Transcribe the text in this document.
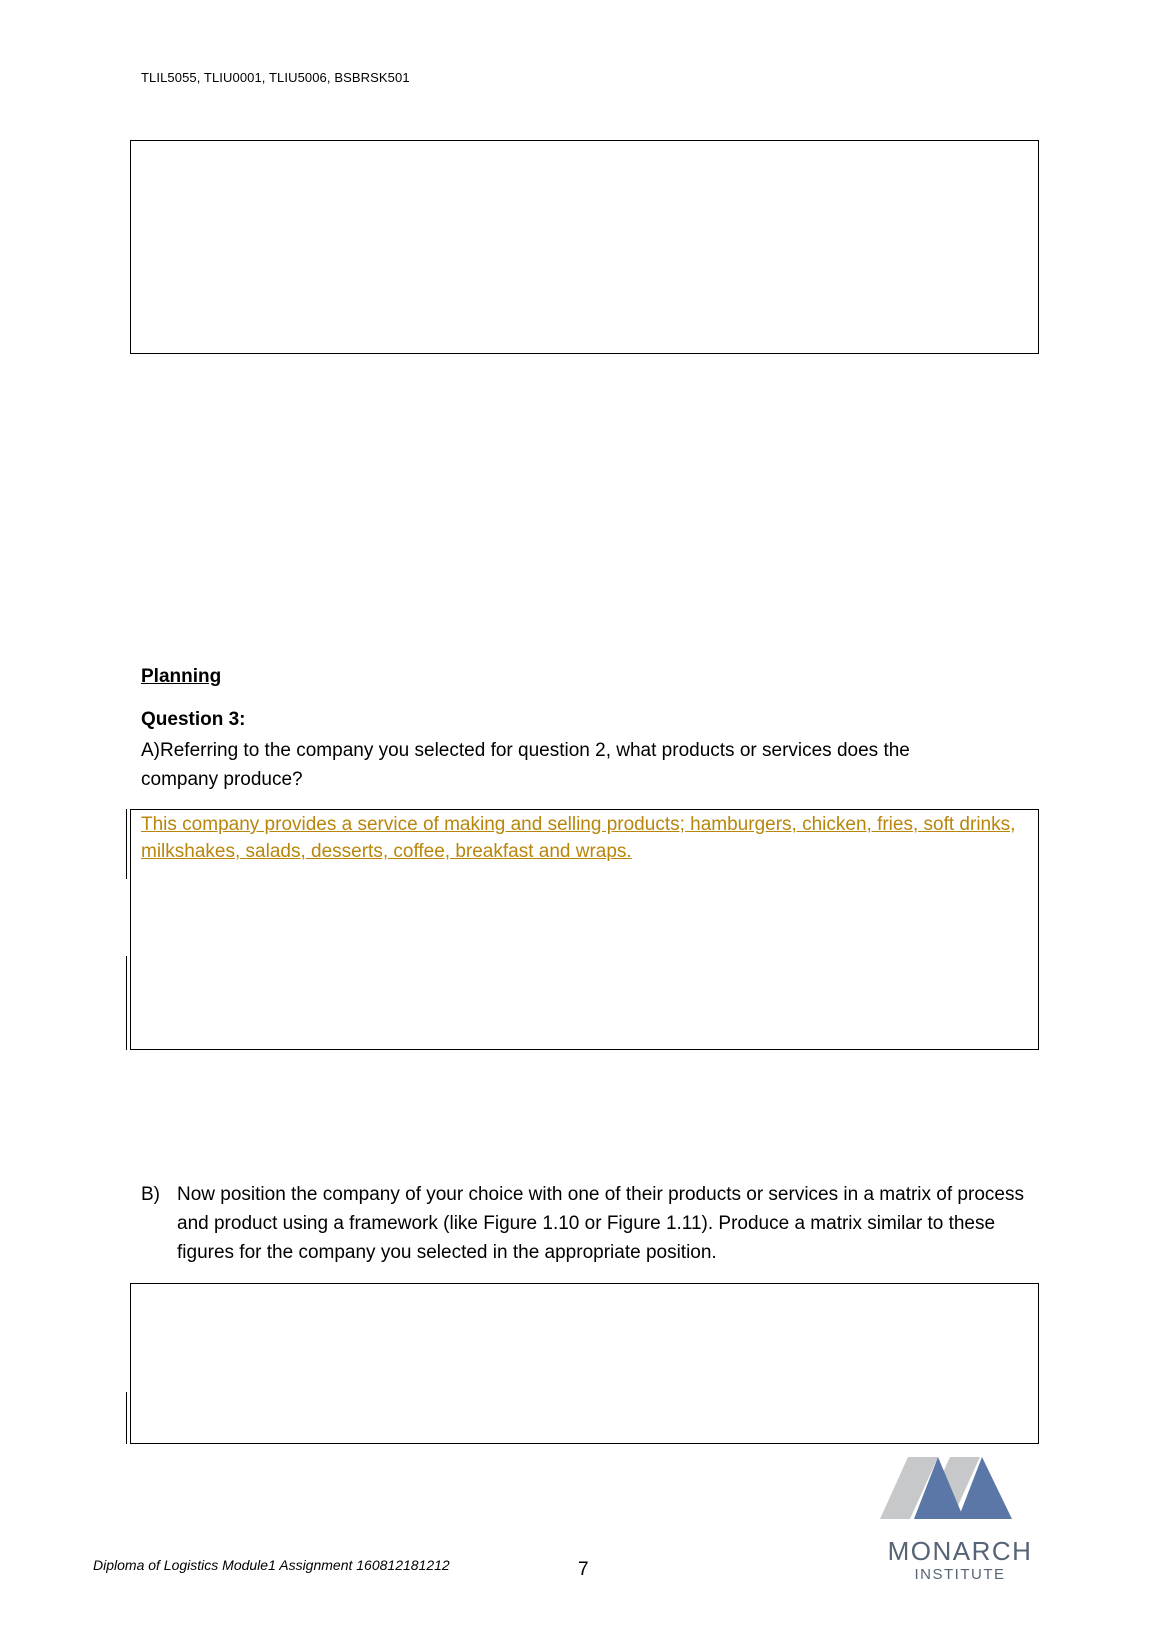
TLIL5055, TLIU0001, TLIU5006, BSBRSK501
Planning
Question 3:
A)Referring to the company you selected for question 2, what products or services does the company produce?
This company provides a service of making and selling products; hamburgers, chicken, fries, soft drinks, milkshakes, salads, desserts, coffee, breakfast and wraps.
B) Now position the company of your choice with one of their products or services in a matrix of process and product using a framework (like Figure 1.10 or Figure 1.11). Produce a matrix similar to these figures for the company you selected in the appropriate position.
Diploma of Logistics Module1 Assignment 160812181212	7
MONARCH
INSTITUTE
